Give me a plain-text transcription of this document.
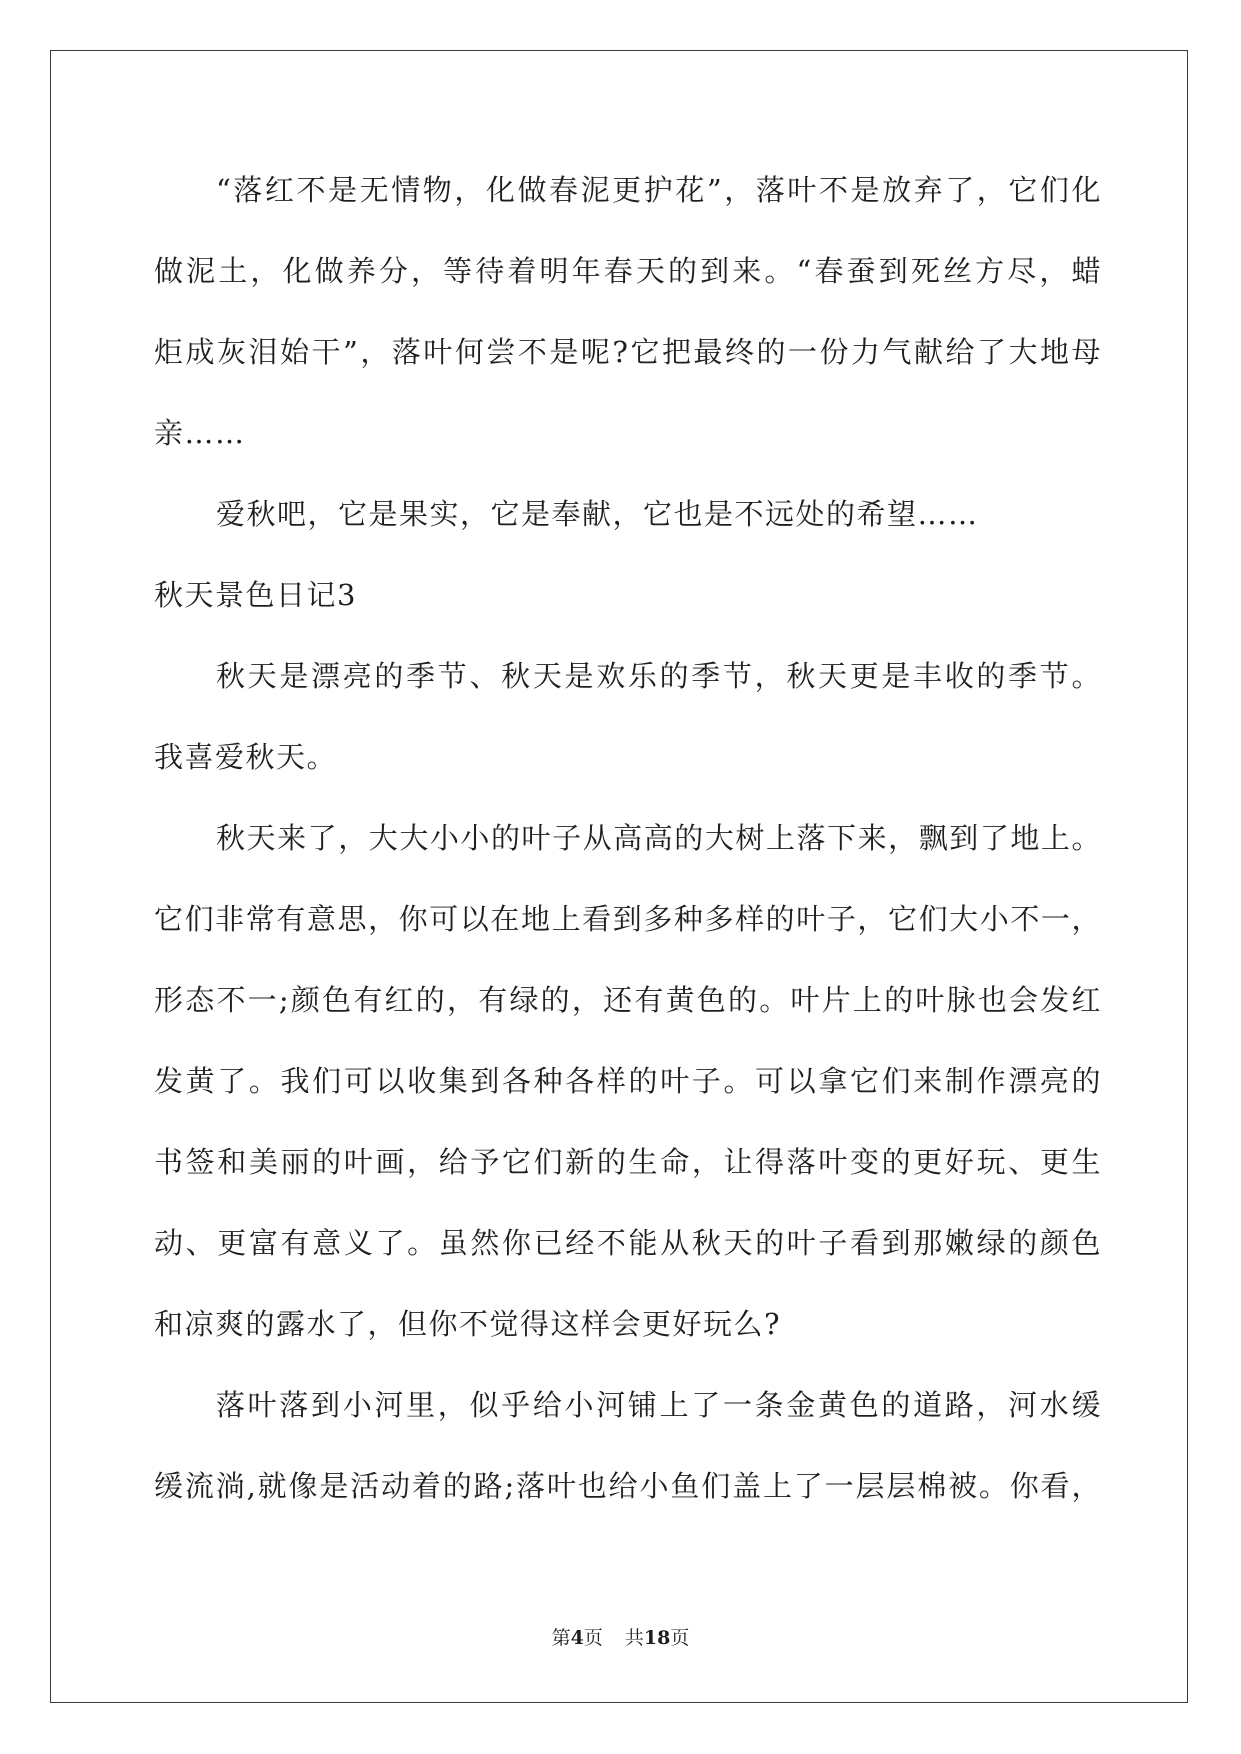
“落红不是无情物，化做春泥更护花”，落叶不是放弃了，它们化
做泥土，化做养分，等待着明年春天的到来。“春蚕到死丝方尽，蜡
炬成灰泪始干”，落叶何尝不是呢?它把最终的一份力气献给了大地母
亲……
爱秋吧，它是果实，它是奉献，它也是不远处的希望……
秋天景色日记3
秋天是漂亮的季节、秋天是欢乐的季节，秋天更是丰收的季节。
我喜爱秋天。
秋天来了，大大小小的叶子从高高的大树上落下来，飘到了地上。
它们非常有意思，你可以在地上看到多种多样的叶子，它们大小不一，
形态不一;颜色有红的，有绿的，还有黄色的。叶片上的叶脉也会发红
发黄了。我们可以收集到各种各样的叶子。可以拿它们来制作漂亮的
书签和美丽的叶画，给予它们新的生命，让得落叶变的更好玩、更生
动、更富有意义了。虽然你已经不能从秋天的叶子看到那嫩绿的颜色
和凉爽的露水了，但你不觉得这样会更好玩么?
落叶落到小河里，似乎给小河铺上了一条金黄色的道路，河水缓
缓流淌,就像是活动着的路;落叶也给小鱼们盖上了一层层棉被。你看，
第4页 共18页
